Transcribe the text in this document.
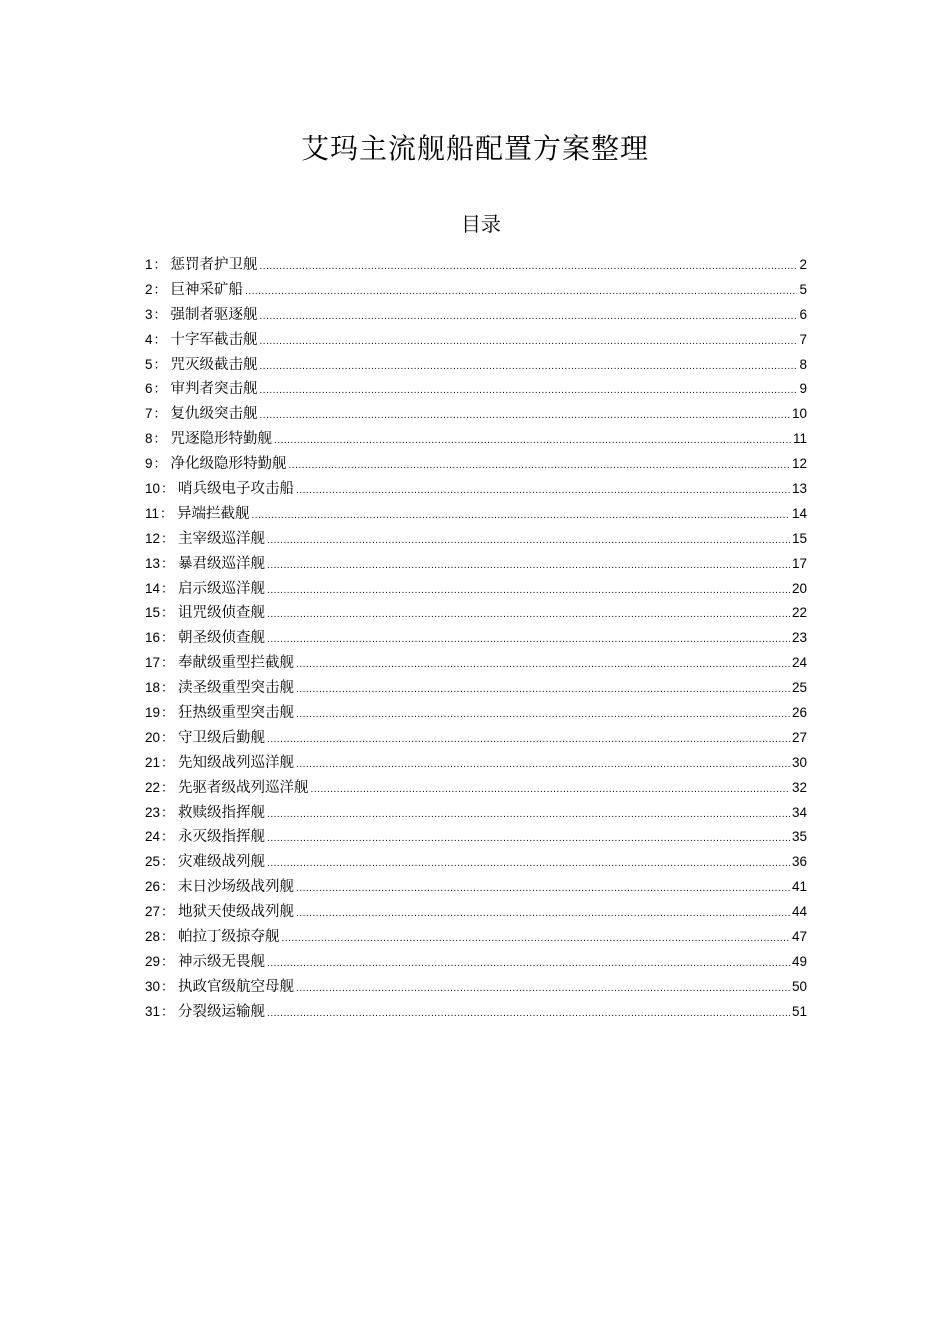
艾玛主流舰船配置方案整理
目录
1 ： 惩罚者护卫舰 .....	2
2 ： 巨神采矿船 .....	5
3 ： 强制者驱逐舰 .....	6
4 ： 十字军截击舰 .....	7
5 ： 咒灭级截击舰 .....	8
6 ： 审判者突击舰 .....	9
7 ： 复仇级突击舰 .....	10
8 ： 咒逐隐形特勤舰 .....	11
9 ： 净化级隐形特勤舰 .....	12
10 ： 哨兵级电子攻击船 .....	13
11 ： 异端拦截舰 .....	14
12 ： 主宰级巡洋舰 .....	15
13 ： 暴君级巡洋舰 .....	17
14 ： 启示级巡洋舰 .....	20
15 ： 诅咒级侦查舰 .....	22
16 ： 朝圣级侦查舰 .....	23
17 ： 奉献级重型拦截舰 .....	24
18 ： 渎圣级重型突击舰 .....	25
19 ： 狂热级重型突击舰 .....	26
20 ： 守卫级后勤舰 .....	27
21 ： 先知级战列巡洋舰 .....	30
22 ： 先驱者级战列巡洋舰 .....	32
23 ： 救赎级指挥舰 .....	34
24 ： 永灭级指挥舰 .....	35
25 ： 灾难级战列舰 .....	36
26 ： 末日沙场级战列舰 .....	41
27 ： 地狱天使级战列舰 .....	44
28 ： 帕拉丁级掠夺舰 .....	47
29 ： 神示级无畏舰 .....	49
30 ： 执政官级航空母舰 .....	50
31 ： 分裂级运输舰 .....	51
